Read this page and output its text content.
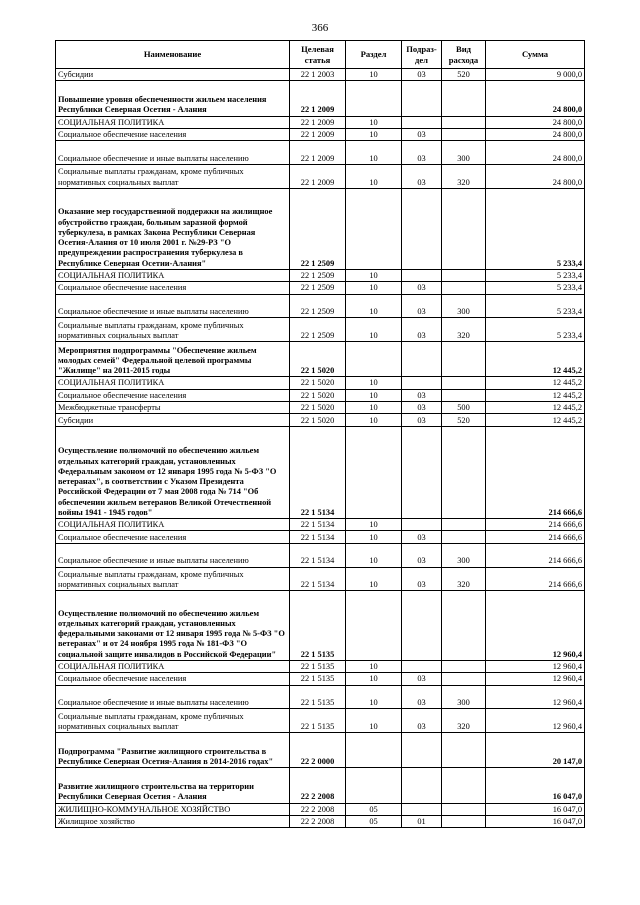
366
Наименование	Целевая статья	Раздел	Подраз-дел	Вид расхода	Сумма
Субсидии	22 1 2003	10	03	520	9 000,0
Повышение уровня обеспеченности жильем населения Республики Северная Осетия - Алания	22 1 2009				24 800,0
СОЦИАЛЬНАЯ ПОЛИТИКА	22 1 2009	10			24 800,0
Социальное обеспечение населения	22 1 2009	10	03		24 800,0
Социальное обеспечение и иные выплаты населению	22 1 2009	10	03	300	24 800,0
Социальные выплаты гражданам, кроме публичных нормативных социальных выплат	22 1 2009	10	03	320	24 800,0
Оказание мер государственной поддержки на жилищное обустройство граждан, больным заразной формой туберкулеза, в рамках Закона Республики Северная Осетия-Алания от 10 июля 2001 г. №29-РЗ "О предупреждении распространения туберкулеза в Республике Северная Осетии-Алания"	22 1 2509				5 233,4
СОЦИАЛЬНАЯ ПОЛИТИКА	22 1 2509	10			5 233,4
Социальное обеспечение населения	22 1 2509	10	03		5 233,4
Социальное обеспечение и иные выплаты населению	22 1 2509	10	03	300	5 233,4
Социальные выплаты гражданам, кроме публичных нормативных социальных выплат	22 1 2509	10	03	320	5 233,4
Мероприятия подпрограммы "Обеспечение жильем молодых семей" Федеральной целевой программы "Жилище" на 2011-2015 годы	22 1 5020				12 445,2
СОЦИАЛЬНАЯ ПОЛИТИКА	22 1 5020	10			12 445,2
Социальное обеспечение населения	22 1 5020	10	03		12 445,2
Межбюджетные трансферты	22 1 5020	10	03	500	12 445,2
Субсидии	22 1 5020	10	03	520	12 445,2
Осуществление полномочий по обеспечению жильем отдельных категорий граждан, установленных Федеральным законом от 12 января 1995 года № 5-ФЗ "О ветеранах", в соответствии с Указом Президента Российской Федерации от 7 мая 2008 года № 714 "Об обеспечении жильем ветеранов Великой Отечественной войны 1941 - 1945 годов"	22 1 5134				214 666,6
СОЦИАЛЬНАЯ ПОЛИТИКА	22 1 5134	10			214 666,6
Социальное обеспечение населения	22 1 5134	10	03		214 666,6
Социальное обеспечение и иные выплаты населению	22 1 5134	10	03	300	214 666,6
Социальные выплаты гражданам, кроме публичных нормативных социальных выплат	22 1 5134	10	03	320	214 666,6
Осуществление полномочий по обеспечению жильем отдельных категорий граждан, установленных федеральными законами от 12 января 1995 года № 5-ФЗ "О ветеранах" и от 24 ноября 1995 года № 181-ФЗ "О социальной защите инвалидов в Российской Федерации"	22 1 5135				12 960,4
СОЦИАЛЬНАЯ ПОЛИТИКА	22 1 5135	10			12 960,4
Социальное обеспечение населения	22 1 5135	10	03		12 960,4
Социальное обеспечение и иные выплаты населению	22 1 5135	10	03	300	12 960,4
Социальные выплаты гражданам, кроме публичных нормативных социальных выплат	22 1 5135	10	03	320	12 960,4
Подпрограмма "Развитие жилищного строительства в Республике Северная Осетия-Алания в 2014-2016 годах"	22 2 0000				20 147,0
Развитие жилищного строительства на территории Республики Северная Осетия - Алания	22 2 2008				16 047,0
ЖИЛИЩНО-КОММУНАЛЬНОЕ ХОЗЯЙСТВО	22 2 2008	05			16 047,0
Жилищное хозяйство	22 2 2008	05	01		16 047,0
